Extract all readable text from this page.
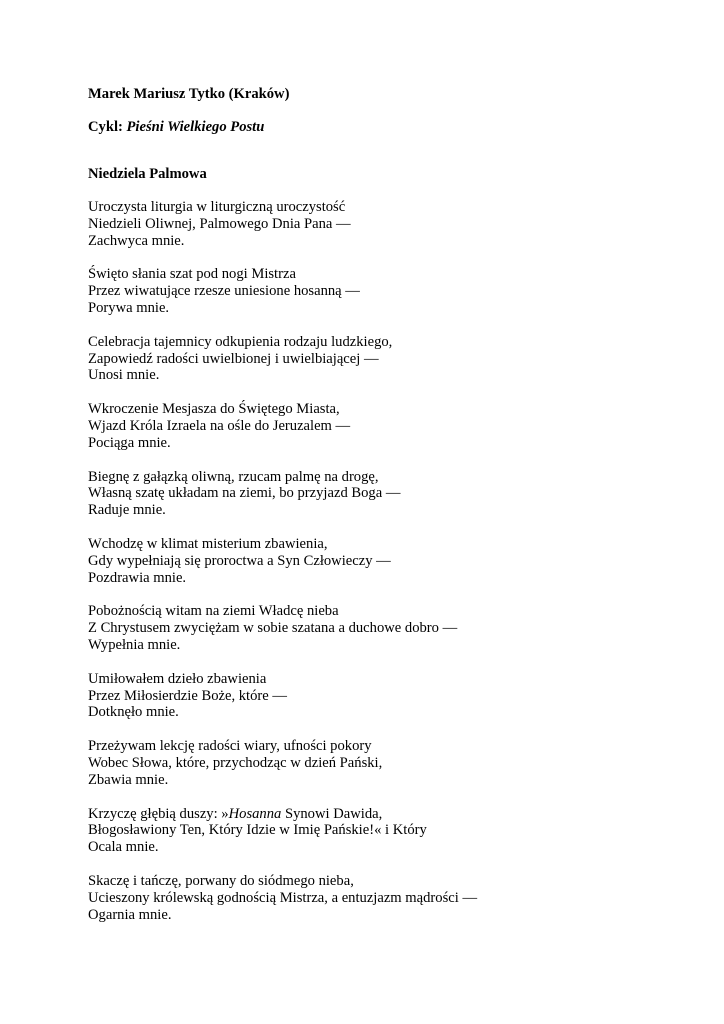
Marek Mariusz Tytko (Kraków)

Cykl: Pieśni Wielkiego Postu

Niedziela Palmowa

Uroczysta liturgia w liturgiczną uroczystość
Niedzieli Oliwnej, Palmowego Dnia Pana —
Zachwyca mnie.

Święto słania szat pod nogi Mistrza
Przez wiwatujące rzesze uniesione hosanną —
Porywa mnie.

Celebracja tajemnicy odkupienia rodzaju ludzkiego,
Zapowiedź radości uwielbionej i uwielbiającej —
Unosi mnie.

Wkroczenie Mesjasza do Świętego Miasta,
Wjazd Króla Izraela na ośle do Jeruzalem —
Pociąga mnie.

Biegnę z gałązką oliwną, rzucam palmę na drogę,
Własną szatę układam na ziemi, bo przyjazd Boga —
Raduje mnie.

Wchodzę w klimat misterium zbawienia,
Gdy wypełniają się proroctwa a Syn Człowieczy —
Pozdrawia mnie.

Pobożnością witam na ziemi Władcę nieba
Z Chrystusem zwyciężam w sobie szatana a duchowe dobro —
Wypełnia mnie.

Umiłowałem dzieło zbawienia
Przez Miłosierdzie Boże, które —
Dotknęło mnie.

Przeżywam lekcję radości wiary, ufności pokory
Wobec Słowa, które, przychodząc w dzień Pański,
Zbawia mnie.

Krzyczę głębią duszy: »Hosanna Synowi Dawida,
Błogosławiony Ten, Który Idzie w Imię Pańskie!« i Który
Ocala mnie.

Skaczę i tańczę, porwany do siódmego nieba,
Ucieszony królewską godnością Mistrza, a entuzjazm mądrości —
Ogarnia mnie.
